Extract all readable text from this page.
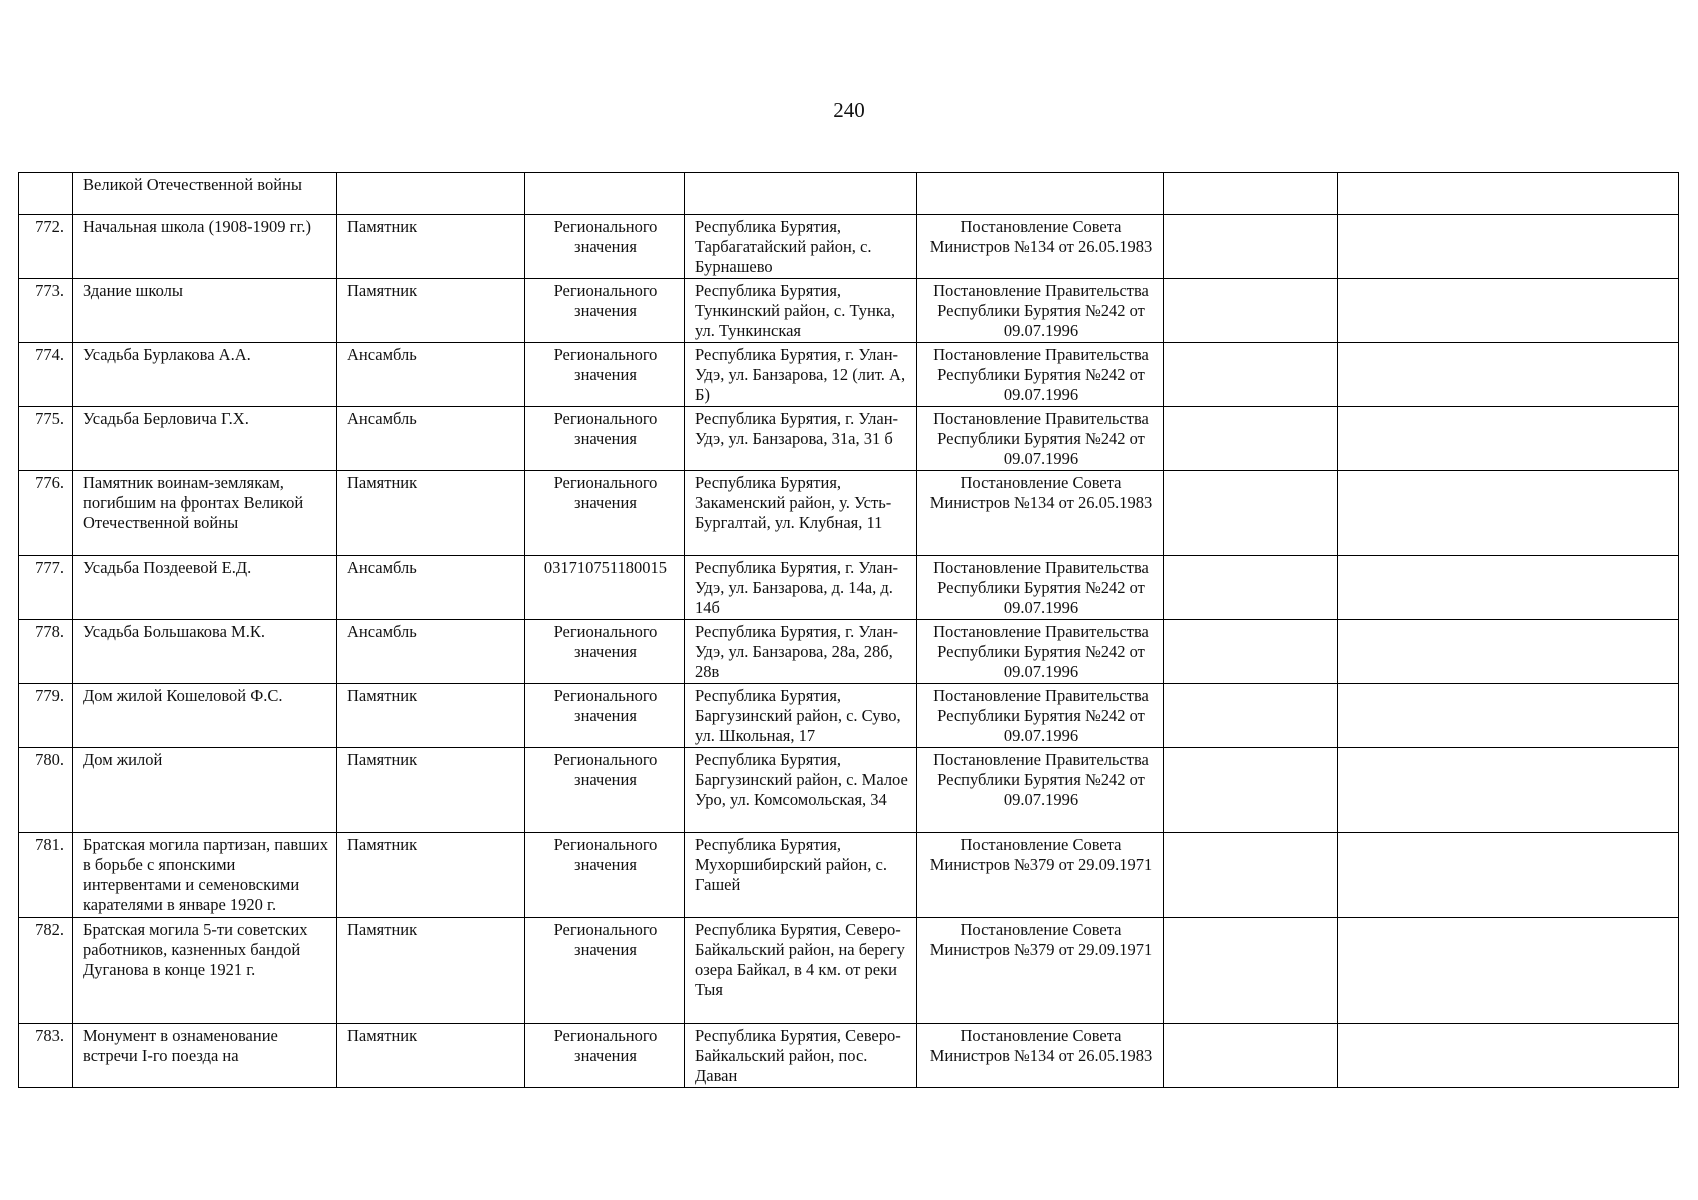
240
	Великой Отечественной войны						
772.	Начальная школа (1908-1909 гг.)	Памятник	Регионального значения	Республика Бурятия, Тарбагатайский район, с. Бурнашево	Постановление Совета Министров №134 от 26.05.1983		
773.	Здание школы	Памятник	Регионального значения	Республика Бурятия, Тункинский район, с. Тунка, ул. Тункинская	Постановление Правительства Республики Бурятия №242 от 09.07.1996		
774.	Усадьба Бурлакова А.А.	Ансамбль	Регионального значения	Республика Бурятия, г. Улан-Удэ, ул. Банзарова, 12 (лит. А, Б)	Постановление Правительства Республики Бурятия №242 от 09.07.1996		
775.	Усадьба Берловича Г.Х.	Ансамбль	Регионального значения	Республика Бурятия, г. Улан-Удэ, ул. Банзарова, 31а, 31 б	Постановление Правительства Республики Бурятия №242 от 09.07.1996		
776.	Памятник воинам-землякам, погибшим на фронтах Великой Отечественной войны	Памятник	Регионального значения	Республика Бурятия, Закаменский район, у. Усть-Бургалтай, ул. Клубная, 11	Постановление Совета Министров №134 от 26.05.1983		
777.	Усадьба Поздеевой Е.Д.	Ансамбль	031710751180015	Республика Бурятия, г. Улан-Удэ, ул. Банзарова, д. 14а, д. 14б	Постановление Правительства Республики Бурятия №242 от 09.07.1996		
778.	Усадьба Большакова М.К.	Ансамбль	Регионального значения	Республика Бурятия, г. Улан-Удэ, ул. Банзарова, 28а, 28б, 28в	Постановление Правительства Республики Бурятия №242 от 09.07.1996		
779.	Дом жилой Кошеловой Ф.С.	Памятник	Регионального значения	Республика Бурятия, Баргузинский район, с. Суво, ул. Школьная, 17	Постановление Правительства Республики Бурятия №242 от 09.07.1996		
780.	Дом жилой	Памятник	Регионального значения	Республика Бурятия, Баргузинский район, с. Малое Уро, ул. Комсомольская, 34	Постановление Правительства Республики Бурятия №242 от 09.07.1996		
781.	Братская могила партизан, павших в борьбе с японскими интервентами и семеновскими карателями в январе 1920 г.	Памятник	Регионального значения	Республика Бурятия, Мухоршибирский район, с. Гашей	Постановление Совета Министров №379 от 29.09.1971		
782.	Братская могила 5-ти советских работников, казненных бандой Дуганова в конце 1921 г.	Памятник	Регионального значения	Республика Бурятия, Северо-Байкальский район, на берегу озера Байкал, в 4 км. от реки Тыя	Постановление Совета Министров №379 от 29.09.1971		
783.	Монумент в ознаменование встречи I-го поезда на	Памятник	Регионального значения	Республика Бурятия, Северо-Байкальский район, пос. Даван	Постановление Совета Министров №134 от 26.05.1983		
